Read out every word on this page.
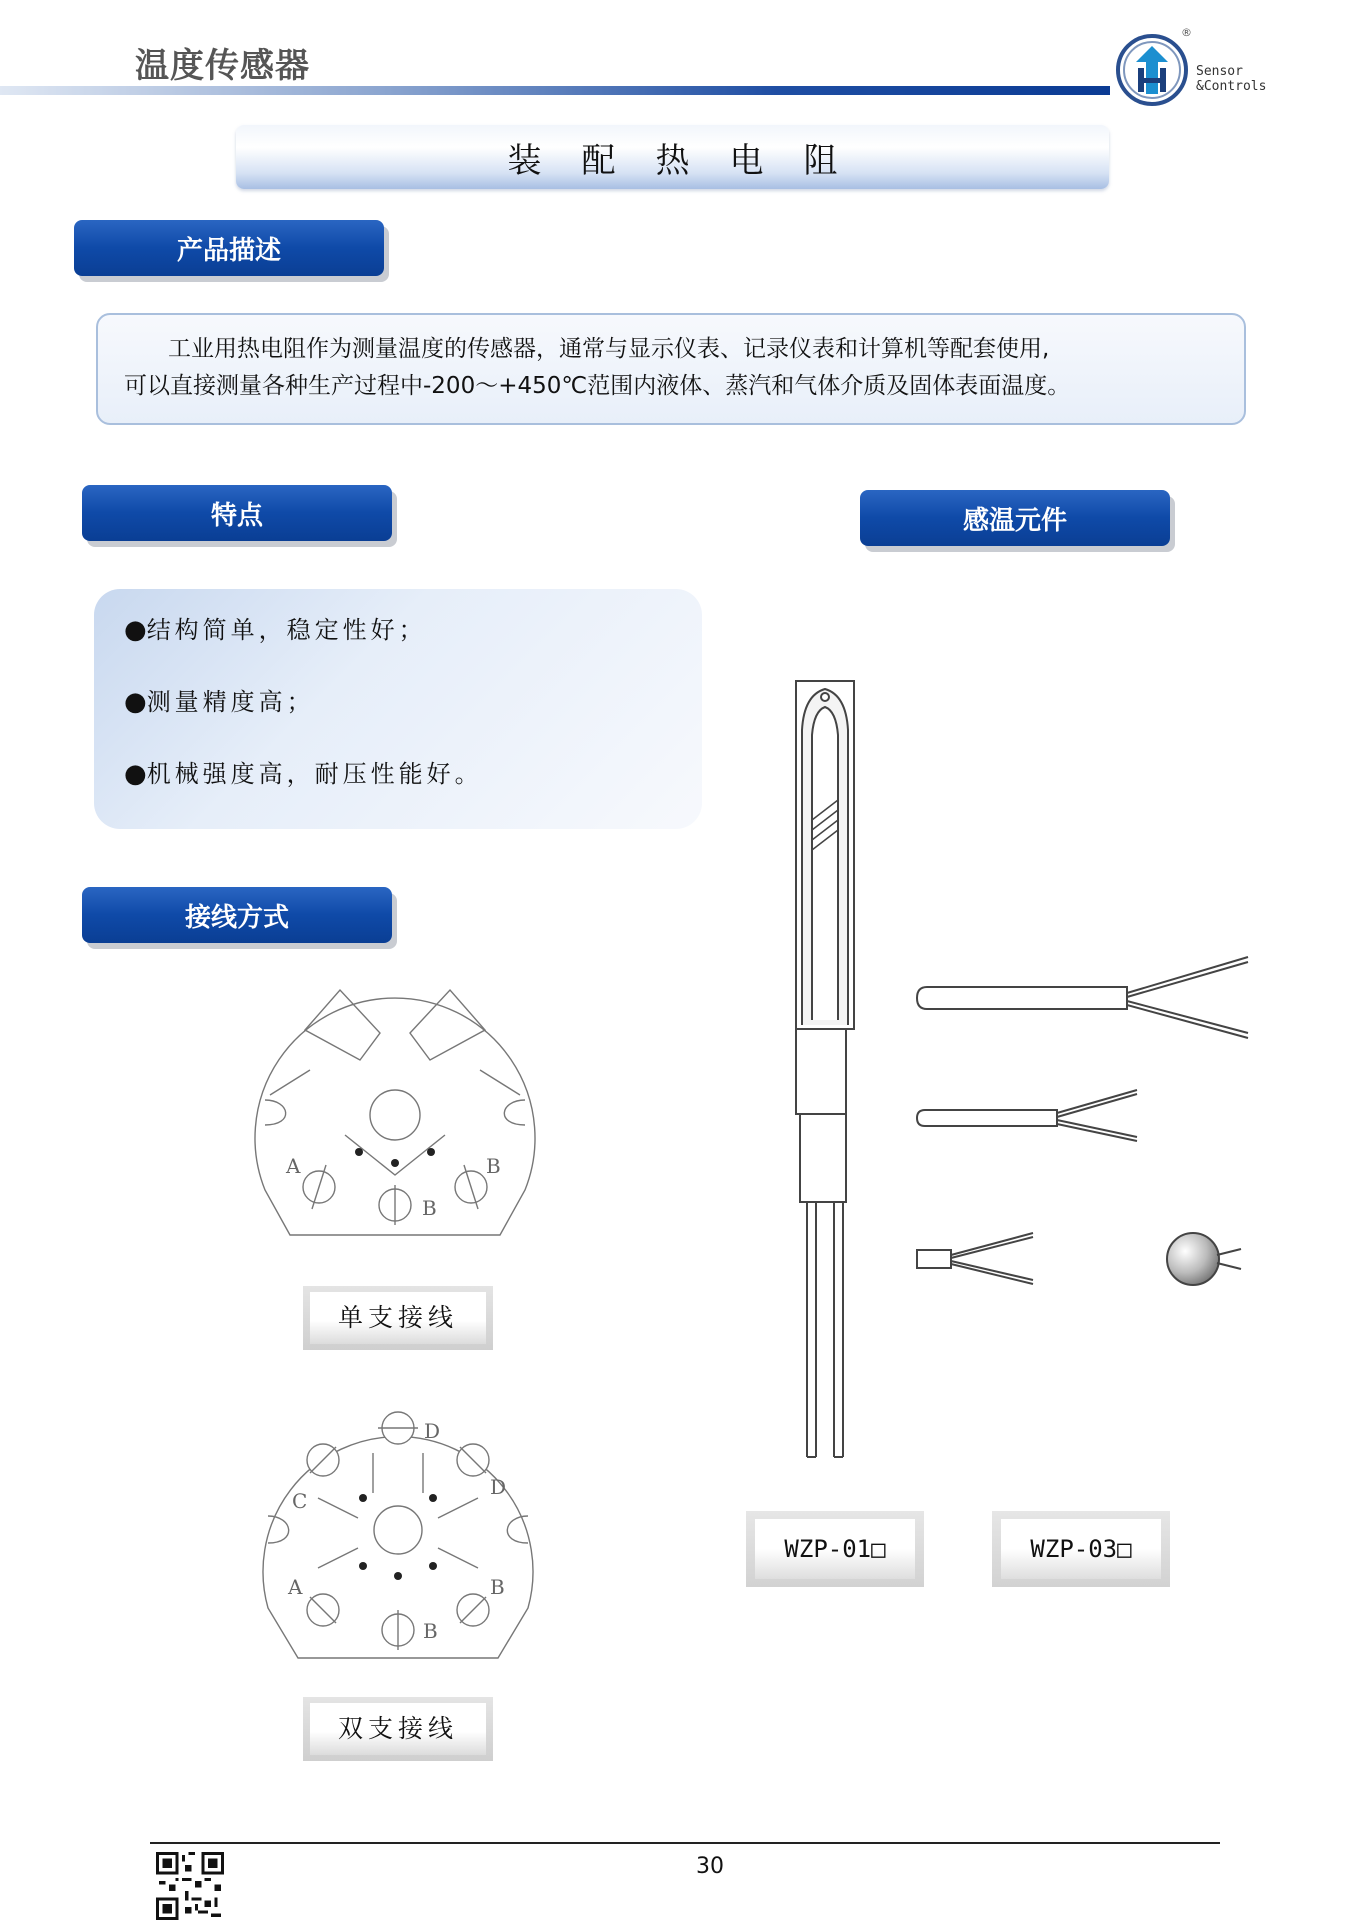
温度传感器
®
Sensor
&Controls
装配热电阻
产品描述

工业用热电阻作为测量温度的传感器，通常与显示仪表、记录仪表和计算机等配套使用,

可以直接测量各种生产过程中-200～+450℃范围内液体、蒸汽和气体介质及固体表面温度。

特点
●结构简单，稳定性好；
●测量精度高；
●机械强度高，耐压性能好。
感温元件
接线方式
A	B
B
单支接线
A	B
B
C
D
D
双支接线
WZP-01□	WZP-03□
30
